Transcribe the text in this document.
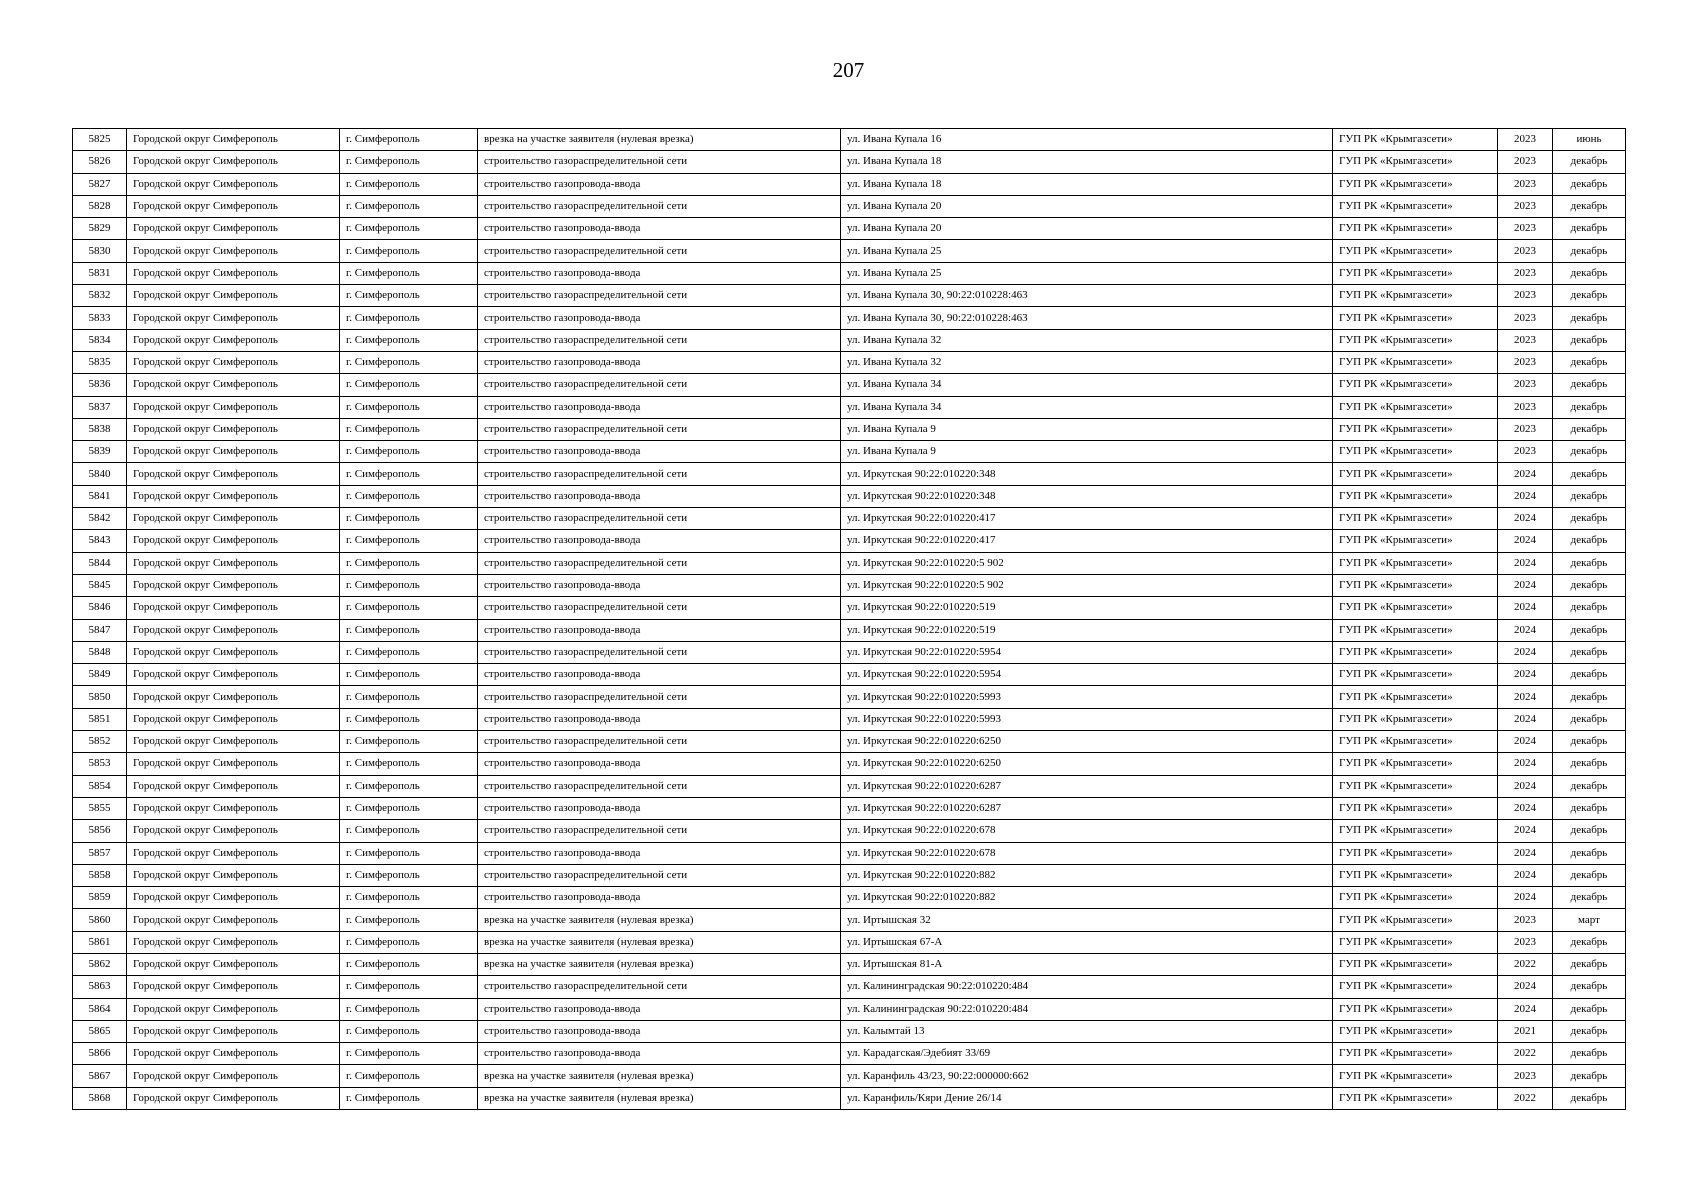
207
5825	Городской округ Симферополь	г. Симферополь	врезка на участке заявителя (нулевая врезка)	ул. Ивана Купала 16	ГУП РК «Крымгазсети»	2023	июнь
5826	Городской округ Симферополь	г. Симферополь	строительство газораспределительной сети	ул. Ивана Купала 18	ГУП РК «Крымгазсети»	2023	декабрь
5827	Городской округ Симферополь	г. Симферополь	строительство газопровода-ввода	ул. Ивана Купала 18	ГУП РК «Крымгазсети»	2023	декабрь
5828	Городской округ Симферополь	г. Симферополь	строительство газораспределительной сети	ул. Ивана Купала 20	ГУП РК «Крымгазсети»	2023	декабрь
5829	Городской округ Симферополь	г. Симферополь	строительство газопровода-ввода	ул. Ивана Купала 20	ГУП РК «Крымгазсети»	2023	декабрь
5830	Городской округ Симферополь	г. Симферополь	строительство газораспределительной сети	ул. Ивана Купала 25	ГУП РК «Крымгазсети»	2023	декабрь
5831	Городской округ Симферополь	г. Симферополь	строительство газопровода-ввода	ул. Ивана Купала 25	ГУП РК «Крымгазсети»	2023	декабрь
5832	Городской округ Симферополь	г. Симферополь	строительство газораспределительной сети	ул. Ивана Купала 30, 90:22:010228:463	ГУП РК «Крымгазсети»	2023	декабрь
5833	Городской округ Симферополь	г. Симферополь	строительство газопровода-ввода	ул. Ивана Купала 30, 90:22:010228:463	ГУП РК «Крымгазсети»	2023	декабрь
5834	Городской округ Симферополь	г. Симферополь	строительство газораспределительной сети	ул. Ивана Купала 32	ГУП РК «Крымгазсети»	2023	декабрь
5835	Городской округ Симферополь	г. Симферополь	строительство газопровода-ввода	ул. Ивана Купала 32	ГУП РК «Крымгазсети»	2023	декабрь
5836	Городской округ Симферополь	г. Симферополь	строительство газораспределительной сети	ул. Ивана Купала 34	ГУП РК «Крымгазсети»	2023	декабрь
5837	Городской округ Симферополь	г. Симферополь	строительство газопровода-ввода	ул. Ивана Купала 34	ГУП РК «Крымгазсети»	2023	декабрь
5838	Городской округ Симферополь	г. Симферополь	строительство газораспределительной сети	ул. Ивана Купала 9	ГУП РК «Крымгазсети»	2023	декабрь
5839	Городской округ Симферополь	г. Симферополь	строительство газопровода-ввода	ул. Ивана Купала 9	ГУП РК «Крымгазсети»	2023	декабрь
5840	Городской округ Симферополь	г. Симферополь	строительство газораспределительной сети	ул. Иркутская 90:22:010220:348	ГУП РК «Крымгазсети»	2024	декабрь
5841	Городской округ Симферополь	г. Симферополь	строительство газопровода-ввода	ул. Иркутская 90:22:010220:348	ГУП РК «Крымгазсети»	2024	декабрь
5842	Городской округ Симферополь	г. Симферополь	строительство газораспределительной сети	ул. Иркутская 90:22:010220:417	ГУП РК «Крымгазсети»	2024	декабрь
5843	Городской округ Симферополь	г. Симферополь	строительство газопровода-ввода	ул. Иркутская 90:22:010220:417	ГУП РК «Крымгазсети»	2024	декабрь
5844	Городской округ Симферополь	г. Симферополь	строительство газораспределительной сети	ул. Иркутская 90:22:010220:5 902	ГУП РК «Крымгазсети»	2024	декабрь
5845	Городской округ Симферополь	г. Симферополь	строительство газопровода-ввода	ул. Иркутская 90:22:010220:5 902	ГУП РК «Крымгазсети»	2024	декабрь
5846	Городской округ Симферополь	г. Симферополь	строительство газораспределительной сети	ул. Иркутская 90:22:010220:519	ГУП РК «Крымгазсети»	2024	декабрь
5847	Городской округ Симферополь	г. Симферополь	строительство газопровода-ввода	ул. Иркутская 90:22:010220:519	ГУП РК «Крымгазсети»	2024	декабрь
5848	Городской округ Симферополь	г. Симферополь	строительство газораспределительной сети	ул. Иркутская 90:22:010220:5954	ГУП РК «Крымгазсети»	2024	декабрь
5849	Городской округ Симферополь	г. Симферополь	строительство газопровода-ввода	ул. Иркутская 90:22:010220:5954	ГУП РК «Крымгазсети»	2024	декабрь
5850	Городской округ Симферополь	г. Симферополь	строительство газораспределительной сети	ул. Иркутская 90:22:010220:5993	ГУП РК «Крымгазсети»	2024	декабрь
5851	Городской округ Симферополь	г. Симферополь	строительство газопровода-ввода	ул. Иркутская 90:22:010220:5993	ГУП РК «Крымгазсети»	2024	декабрь
5852	Городской округ Симферополь	г. Симферополь	строительство газораспределительной сети	ул. Иркутская 90:22:010220:6250	ГУП РК «Крымгазсети»	2024	декабрь
5853	Городской округ Симферополь	г. Симферополь	строительство газопровода-ввода	ул. Иркутская 90:22:010220:6250	ГУП РК «Крымгазсети»	2024	декабрь
5854	Городской округ Симферополь	г. Симферополь	строительство газораспределительной сети	ул. Иркутская 90:22:010220:6287	ГУП РК «Крымгазсети»	2024	декабрь
5855	Городской округ Симферополь	г. Симферополь	строительство газопровода-ввода	ул. Иркутская 90:22:010220:6287	ГУП РК «Крымгазсети»	2024	декабрь
5856	Городской округ Симферополь	г. Симферополь	строительство газораспределительной сети	ул. Иркутская 90:22:010220:678	ГУП РК «Крымгазсети»	2024	декабрь
5857	Городской округ Симферополь	г. Симферополь	строительство газопровода-ввода	ул. Иркутская 90:22:010220:678	ГУП РК «Крымгазсети»	2024	декабрь
5858	Городской округ Симферополь	г. Симферополь	строительство газораспределительной сети	ул. Иркутская 90:22:010220:882	ГУП РК «Крымгазсети»	2024	декабрь
5859	Городской округ Симферополь	г. Симферополь	строительство газопровода-ввода	ул. Иркутская 90:22:010220:882	ГУП РК «Крымгазсети»	2024	декабрь
5860	Городской округ Симферополь	г. Симферополь	врезка на участке заявителя (нулевая врезка)	ул. Иртышская 32	ГУП РК «Крымгазсети»	2023	март
5861	Городской округ Симферополь	г. Симферополь	врезка на участке заявителя (нулевая врезка)	ул. Иртышская 67-А	ГУП РК «Крымгазсети»	2023	декабрь
5862	Городской округ Симферополь	г. Симферополь	врезка на участке заявителя (нулевая врезка)	ул. Иртышская 81-А	ГУП РК «Крымгазсети»	2022	декабрь
5863	Городской округ Симферополь	г. Симферополь	строительство газораспределительной сети	ул. Калининградская 90:22:010220:484	ГУП РК «Крымгазсети»	2024	декабрь
5864	Городской округ Симферополь	г. Симферополь	строительство газопровода-ввода	ул. Калининградская 90:22:010220:484	ГУП РК «Крымгазсети»	2024	декабрь
5865	Городской округ Симферополь	г. Симферополь	строительство газопровода-ввода	ул. Калымтай 13	ГУП РК «Крымгазсети»	2021	декабрь
5866	Городской округ Симферополь	г. Симферополь	строительство газопровода-ввода	ул. Карадагская/Эдебият 33/69	ГУП РК «Крымгазсети»	2022	декабрь
5867	Городской округ Симферополь	г. Симферополь	врезка на участке заявителя (нулевая врезка)	ул. Каранфиль 43/23, 90:22:000000:662	ГУП РК «Крымгазсети»	2023	декабрь
5868	Городской округ Симферополь	г. Симферополь	врезка на участке заявителя (нулевая врезка)	ул. Каранфиль/Кяри Дение 26/14	ГУП РК «Крымгазсети»	2022	декабрь
